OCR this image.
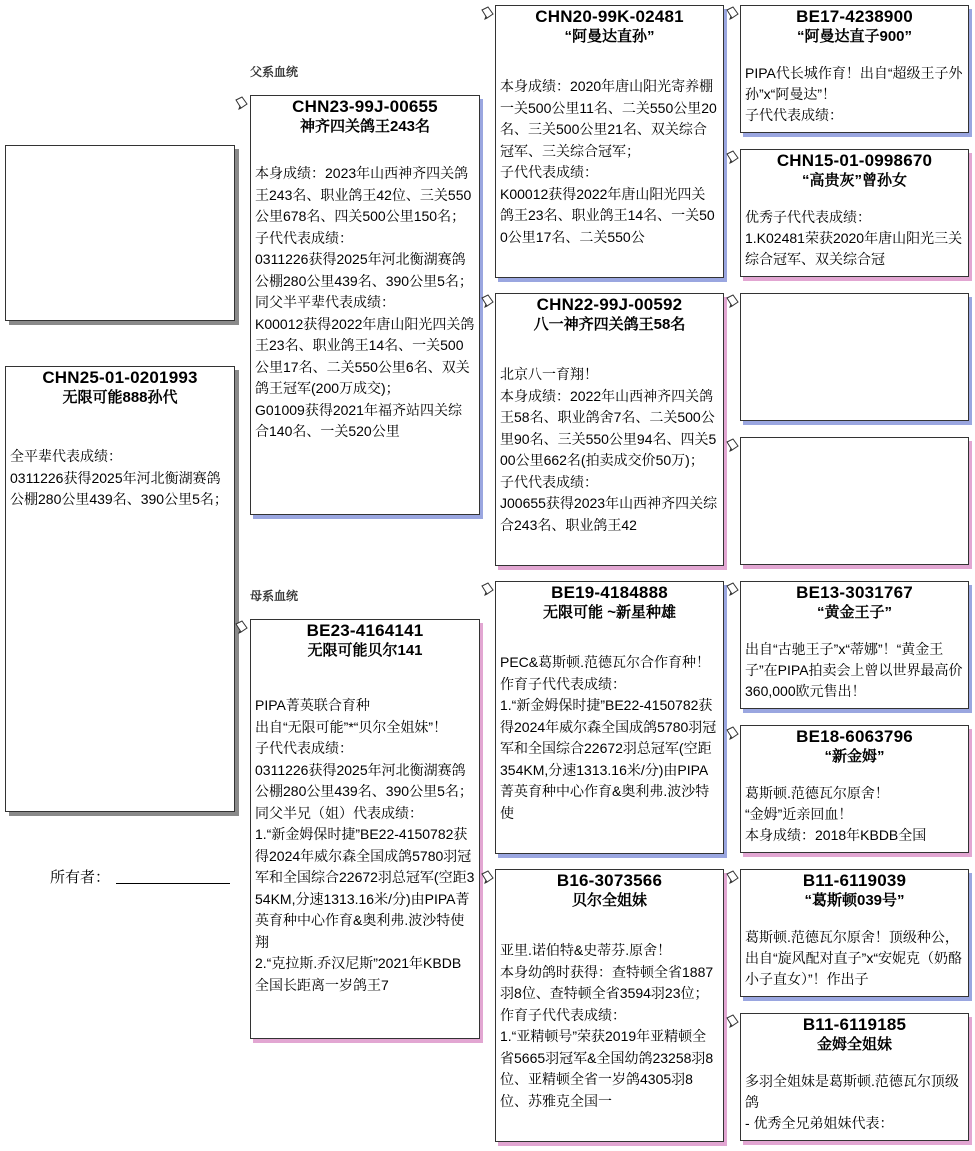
父系血统
母系血统
CHN25-01-0201993
无限可能888孙代
全平辈代表成绩：
0311226获得2025年河北衡湖赛鸽公棚280公里439名、390公里5名；
所有者：
CHN23-99J-00655
神齐四关鸽王243名
本身成绩：2023年山西神齐四关鸽王243名、职业鸽王42位、三关550公里678名、四关500公里150名；
子代代表成绩：
0311226获得2025年河北衡湖赛鸽公棚280公里439名、390公里5名；
同父半平辈代表成绩：
K00012获得2022年唐山阳光四关鸽王23名、职业鸽王14名、一关500公里17名、二关550公里6名、双关鸽王冠军(200万成交)；
G01009获得2021年福齐站四关综合140名、一关520公里
BE23-4164141
无限可能贝尔141
PIPA菁英联合育种
出自“无限可能”*“贝尔全姐妹”！
子代代表成绩：
0311226获得2025年河北衡湖赛鸽公棚280公里439名、390公里5名；
同父半兄（姐）代表成绩：
1.“新金姆保时捷”BE22-4150782获得2024年威尔森全国成鸽5780羽冠军和全国综合22672羽总冠军(空距354KM,分速1313.16米/分)由PIPA菁英育种中心作育&奥利弗.波沙特使翔
2.“克拉斯.乔汉尼斯”2021年KBDB全国长距离一岁鸽王7
CHN20-99K-02481
“阿曼达直孙”
本身成绩：2020年唐山阳光寄养棚一关500公里11名、二关550公里20名、三关500公里21名、双关综合冠军、三关综合冠军；
子代代表成绩：
K00012获得2022年唐山阳光四关鸽王23名、职业鸽王14名、一关500公里17名、二关550公
CHN22-99J-00592
八一神齐四关鸽王58名
北京八一育翔！
本身成绩：2022年山西神齐四关鸽王58名、职业鸽舍7名、二关500公里90名、三关550公里94名、四关500公里662名(拍卖成交价50万)；
子代代表成绩：
J00655获得2023年山西神齐四关综合243名、职业鸽王42
BE19-4184888
无限可能 ~新星种雄
PEC&葛斯顿.范德瓦尔合作育种！
作育子代代表成绩：
1.“新金姆保时捷”BE22-4150782获得2024年威尔森全国成鸽5780羽冠军和全国综合22672羽总冠军(空距354KM,分速1313.16米/分)由PIPA菁英育种中心作育&奥利弗.波沙特使
B16-3073566
贝尔全姐妹
亚里.诺伯特&史蒂芬.原舍！
本身幼鸽时获得：查特顿全省1887羽8位、查特顿全省3594羽23位；
作育子代代表成绩：
1.“亚精顿号”荣获2019年亚精顿全省5665羽冠军&全国幼鸽23258羽8位、亚精顿全省一岁鸽4305羽8位、苏雅克全国一
BE17-4238900
“阿曼达直子900”
PIPA代长城作育！出自“超级王子外孙”x“阿曼达”！
子代代表成绩：
CHN15-01-0998670
“高贵灰”曾孙女
优秀子代代表成绩：
1.K02481荣获2020年唐山阳光三关综合冠军、双关综合冠
BE13-3031767
“黄金王子”
出自“古驰王子”x“蒂娜”！“黄金王子”在PIPA拍卖会上曾以世界最高价360,000欧元售出！
BE18-6063796
“新金姆”
葛斯顿.范德瓦尔原舍！
“金姆”近亲回血！
本身成绩：2018年KBDB全国
B11-6119039
“葛斯顿039号”
葛斯顿.范德瓦尔原舍！顶级种公，出自“旋风配对直子”x“安妮克（奶酪小子直女）”！作出子
B11-6119185
金姆全姐妹
多羽全姐妹是葛斯顿.范德瓦尔顶级鸽
- 优秀全兄弟姐妹代表：
